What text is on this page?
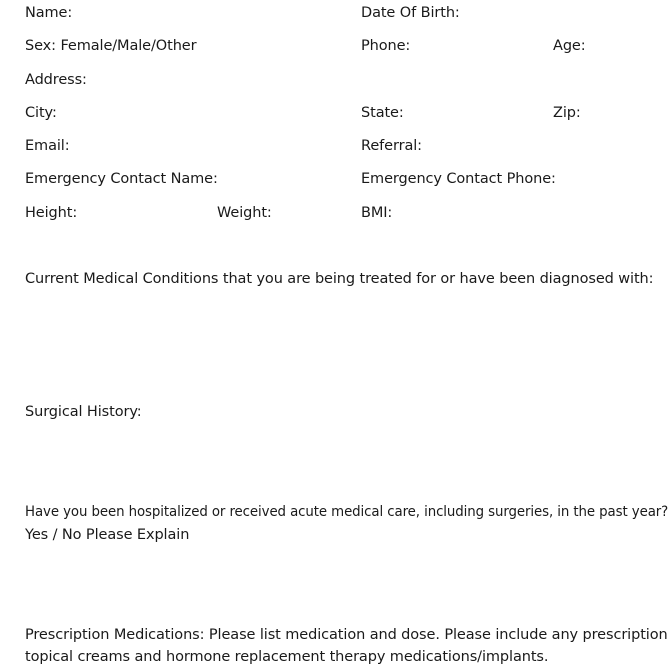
Name:	Date Of Birth:
Sex: Female/Male/Other	Phone:	Age:
Address:
City:	State:	Zip:
Email:	Referral:
Emergency Contact Name:	Emergency Contact Phone:
Height:	Weight:	BMI:
Current Medical Conditions that you are being treated for or have been diagnosed with:
Surgical History:
Have you been hospitalized or received acute medical care, including surgeries, in the past year?
Yes / No Please Explain
Prescription Medications: Please list medication and dose. Please include any prescription
topical creams and hormone replacement therapy medications/implants.
